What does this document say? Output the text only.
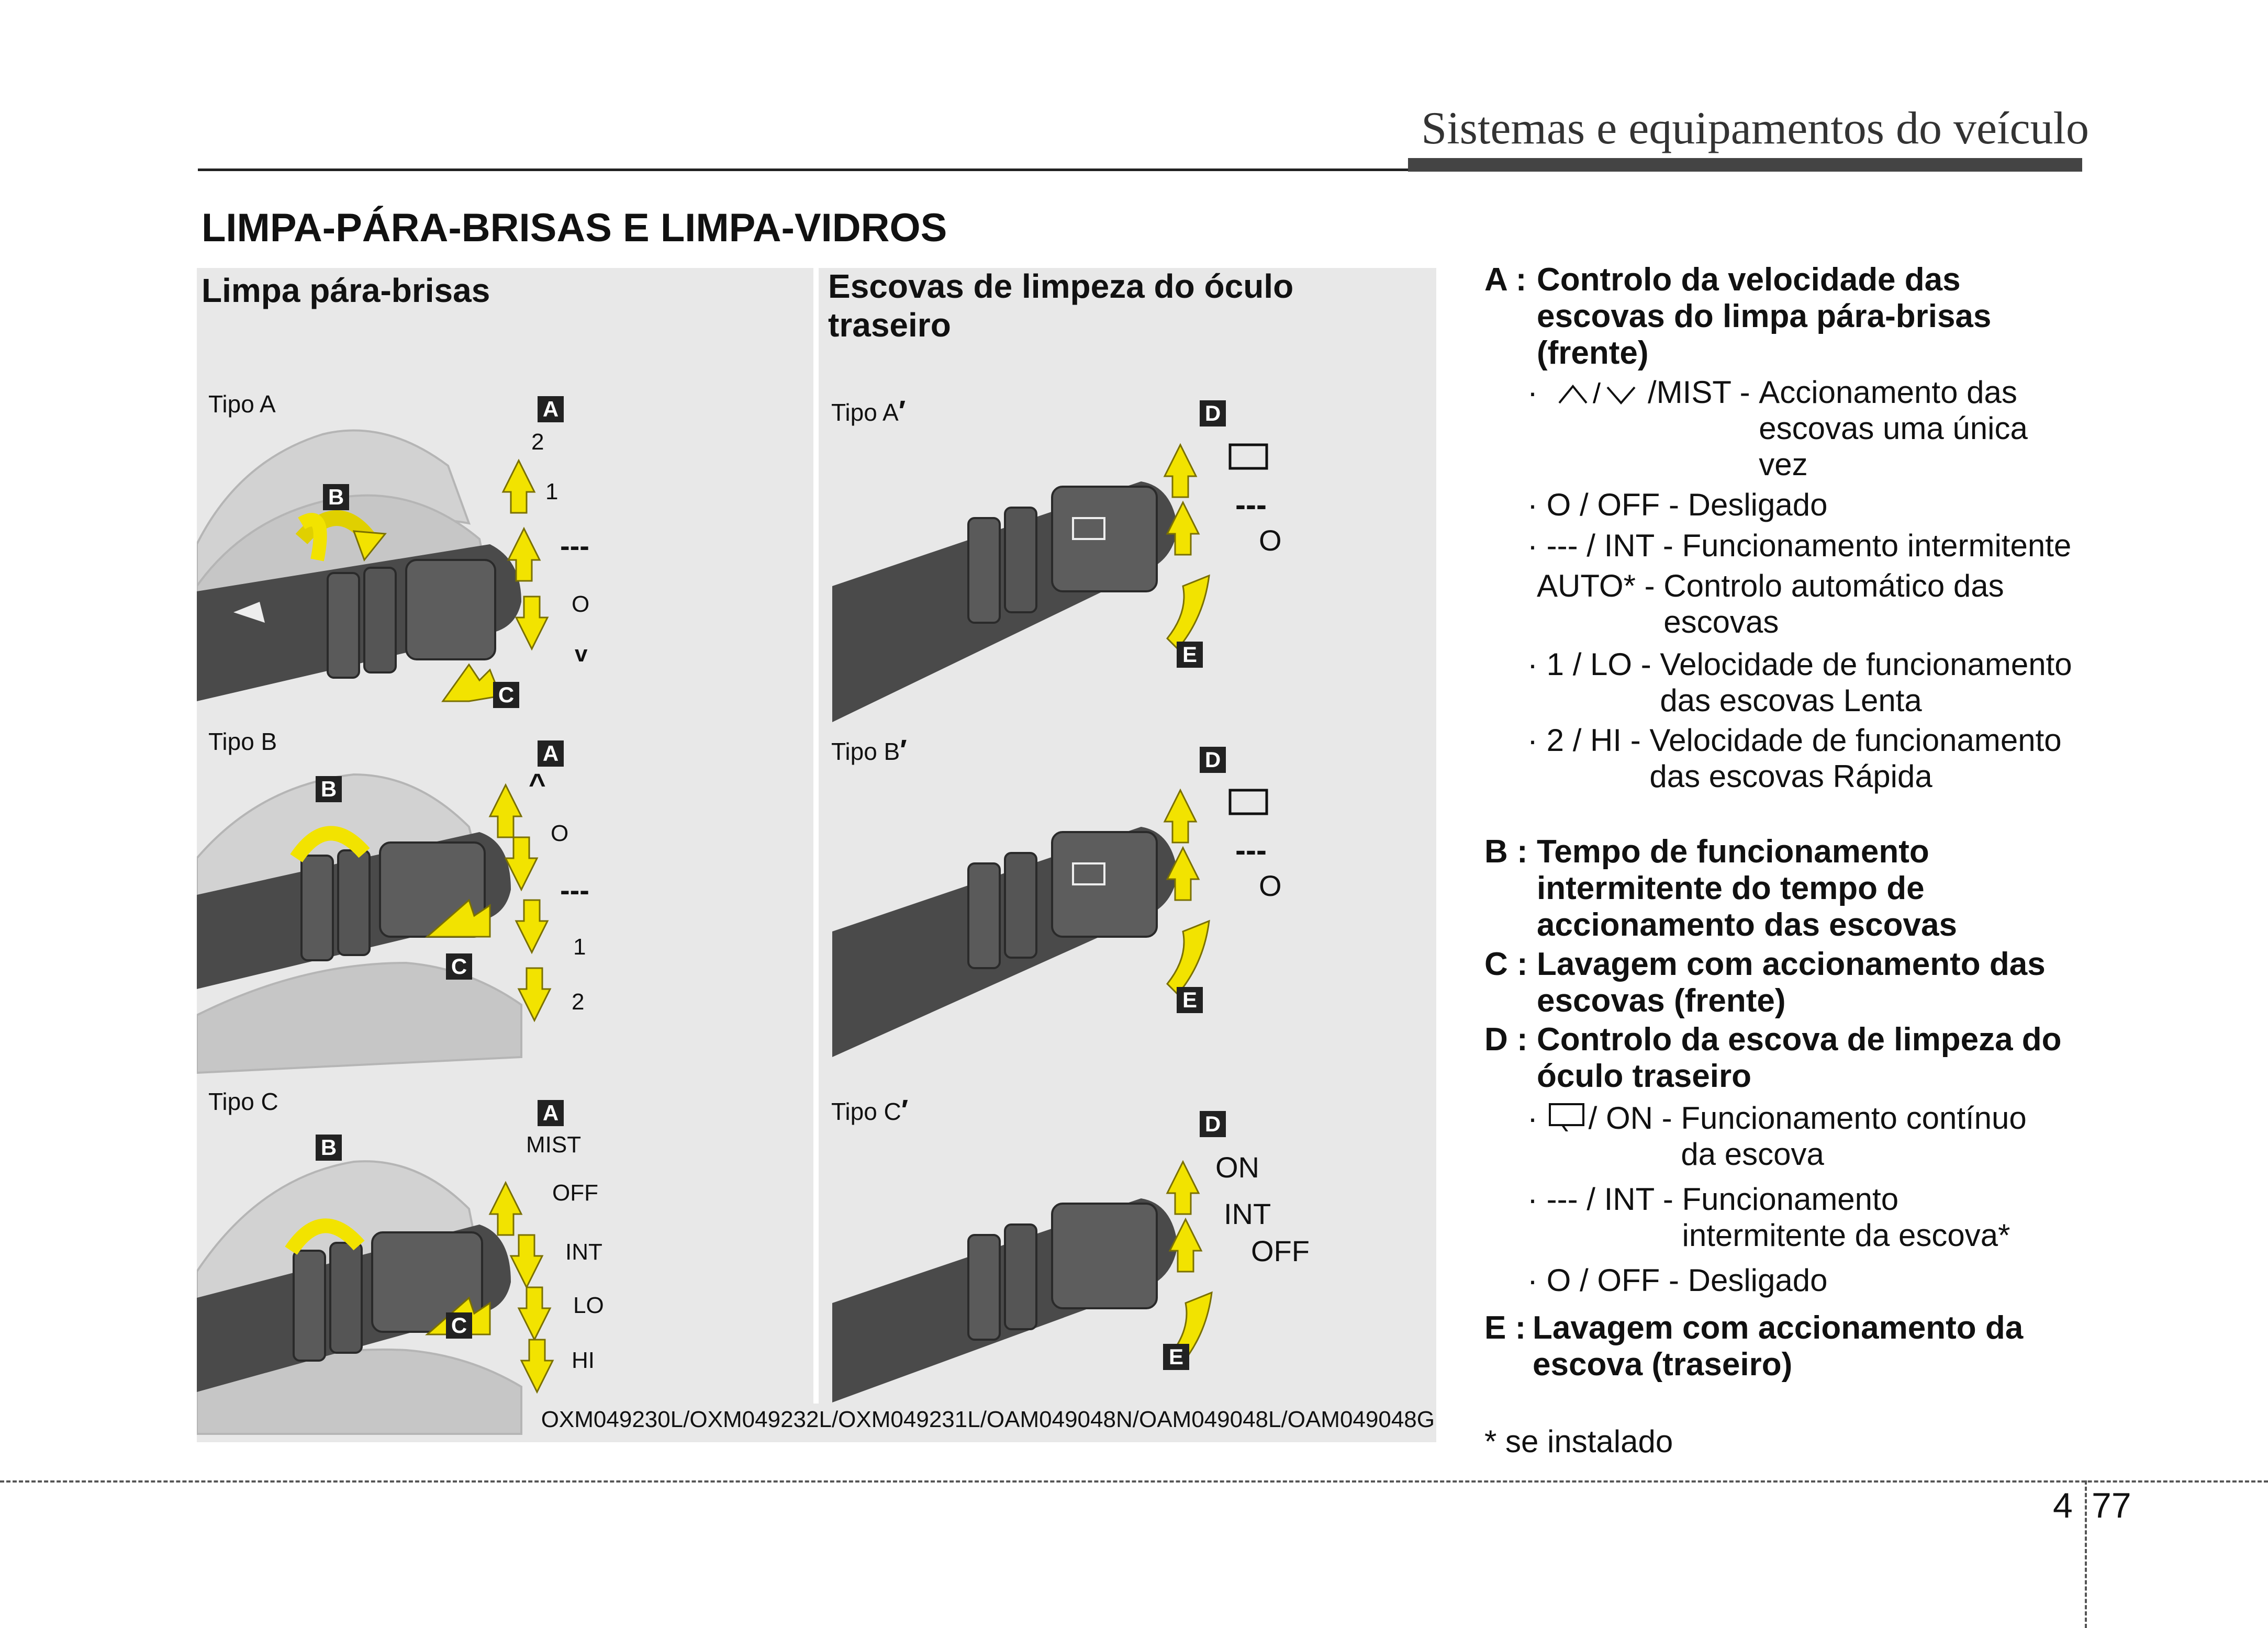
Sistemas e equipamentos do veículo
LIMPA-PÁRA-BRISAS E LIMPA-VIDROS
Limpa pára-brisas	Escovas de limpeza do óculo traseiro
Tipo A	A
B
C
2
1
---
O
v
Tipo B	A
B
C
^
O
---
1
2
Tipo C	A
B
C
MIST
OFF
INT
LO
HI
Tipo A′	D
E
---
O
Tipo B′	D
E
---
O
Tipo C′	D
E
ON
INT
OFF
OXM049230L/OXM049232L/OXM049231L/OAM049048N/OAM049048L/OAM049048G
A : Controlo da velocidade das escovas do limpa pára-brisas (frente)
· / /MIST - Accionamento das escovas uma única vez
· O / OFF - Desligado
· --- / INT - Funcionamento intermitente
AUTO* -
Controlo automático das escovas
· 1 / LO -
Velocidade de funcionamento das escovas Lenta
· 2 / HI -
Velocidade de funcionamento das escovas Rápida
B : Tempo de funcionamento intermitente do tempo de accionamento das escovas
C : Lavagem com accionamento das escovas (frente)
D : Controlo da escova de limpeza do óculo traseiro
· / ON -
Funcionamento contínuo da escova
· --- / INT -
Funcionamento intermitente da escova*
· O / OFF - Desligado
E : Lavagem com accionamento da escova (traseiro)
* se instalado
4 77
